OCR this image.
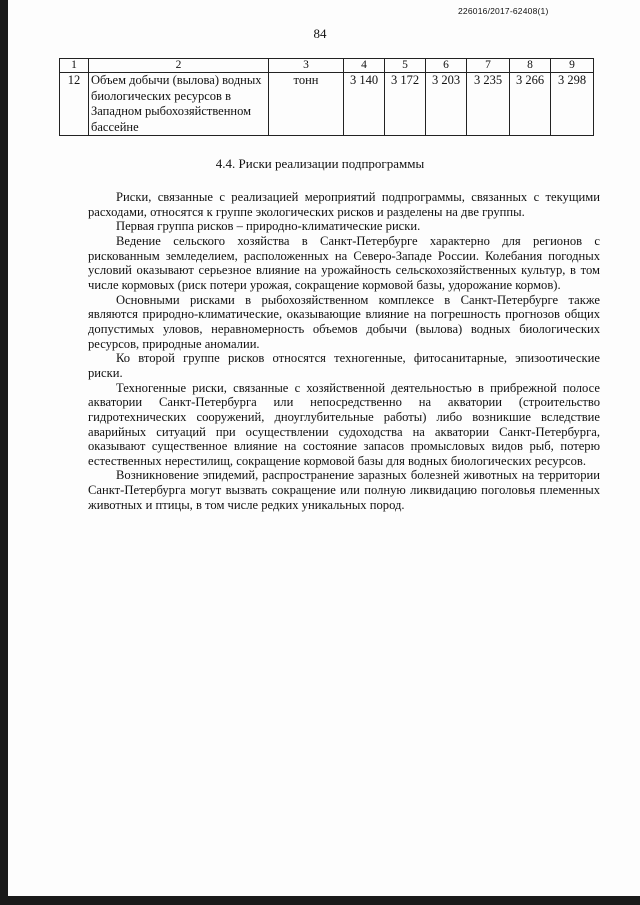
226016/2017-62408(1)
84
1	2	3	4	5	6	7	8	9
12	Объем добычи (вылова) водных биологических ресурсов в Западном рыбохозяйственном бассейне	тонн	3 140	3 172	3 203	3 235	3 266	3 298
4.4. Риски реализации подпрограммы

Риски, связанные с реализацией мероприятий подпрограммы, связанных с текущими расходами, относятся к группе экологических рисков и разделены на две группы.

Первая группа рисков – природно-климатические риски.

Ведение сельского хозяйства в Санкт-Петербурге характерно для регионов с рискованным земледелием, расположенных на Северо-Западе России. Колебания погодных условий оказывают серьезное влияние на урожайность сельскохозяйственных культур, в том числе кормовых (риск потери урожая, сокращение кормовой базы, удорожание кормов).

Основными рисками в рыбохозяйственном комплексе в Санкт-Петербурге также являются природно-климатические, оказывающие влияние на погрешность прогнозов общих допустимых уловов, неравномерность объемов добычи (вылова) водных биологических ресурсов, природные аномалии.

Ко второй группе рисков относятся техногенные, фитосанитарные, эпизоотические риски.

Техногенные риски, связанные с хозяйственной деятельностью в прибрежной полосе акватории Санкт-Петербурга или непосредственно на акватории (строительство гидротехнических сооружений, дноуглубительные работы) либо возникшие вследствие аварийных ситуаций при осуществлении судоходства на акватории Санкт-Петербурга, оказывают существенное влияние на состояние запасов промысловых видов рыб, потерю естественных нерестилищ, сокращение кормовой базы для водных биологических ресурсов.

Возникновение эпидемий, распространение заразных болезней животных на территории Санкт-Петербурга могут вызвать сокращение или полную ликвидацию поголовья племенных животных и птицы, в том числе редких уникальных пород.
